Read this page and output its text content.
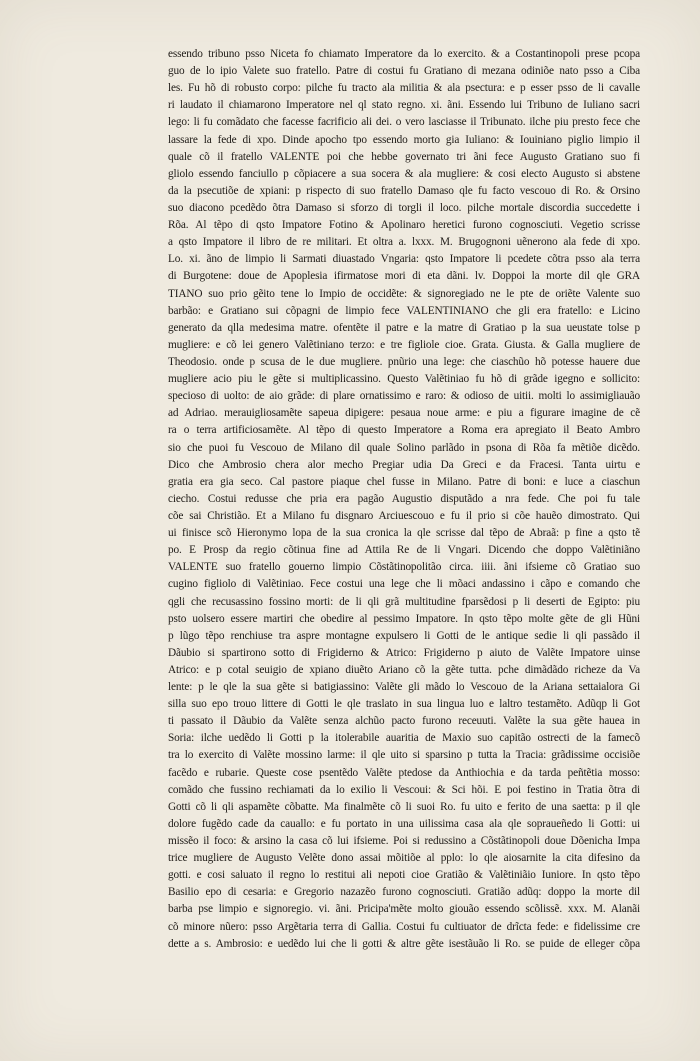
essendo tribuno psso Niceta fo chiamato Imperatore da lo exercito. & a Costantinopoli prese pcopa
guo de lo ipio Valete suo fratello. Patre di costui fu Gratiano di mezana odiniõe nato psso a Ciba
les. Fu hõ di robusto corpo: pilche fu tracto ala militia & ala psectura: e p esser psso de li cavalle
ri laudato il chiamarono Imperatore nel ql stato regno. xi. ãni. Essendo lui Tribuno de Iuliano sacri
lego: li fu comãdato che facesse facrificio ali dei. o vero lasciasse il Tribunato. ilche piu presto fece che
lassare la fede di xpo. Dinde apocho tpo essendo morto gia Iuliano: & Iouiniano piglio limpio il
quale cõ il fratello VALENTE poi che hebbe governato tri ãni fece Augusto Gratiano suo fi
gliolo essendo fanciullo p cõpiacere a sua socera & ala mugliere: & cosi electo Augusto si abstene
da la psecutiõe de xpiani: p rispecto di suo fratello Damaso qle fu facto vescouo di Ro. & Orsino
suo diacono pcedẽdo õtra Damaso si sforzo di torgli il loco. pilche mortale discordia succedette i
Rõa. Al tẽpo di qsto Impatore Fotino & Apolinaro heretici furono cognosciuti. Vegetio scrisse
a qsto Impatore il libro de re militari. Et oltra a. lxxx. M. Brugognoni uẽnerono ala fede di xpo.
Lo. xi. ãno de limpio li Sarmati diuastado Vngaria: qsto Impatore li pcedete cõtra psso ala terra
di Burgotene: doue de Apoplesia ifirmatose mori di eta dãni. lv. Doppoi la morte dil qle GRA
TIANO suo prio gẽito tene lo Impio de occidẽte: & signoregiado ne le pte de oriẽte Valente suo
barbão: e Gratiano sui cõpagni de limpio fece VALENTINIANO che gli era fratello: e Licino
generato da qlla medesima matre. ofentẽte il patre e la matre di Gratiao p la sua ueustate tolse p
mugliere: e cõ lei genero Valẽtiniano terzo: e tre figliole cioe. Grata. Giusta. & Galla mugliere de
Theodosio. onde p scusa de le due mugliere. pnũrio una lege: che ciaschũo hõ potesse hauere due
mugliere acio piu le gẽte si multiplicassino. Questo Valẽtiniao fu hõ di grãde igegno e sollicito:
specioso di uolto: de aio grãde: di plare ornatissimo e raro: & odioso de uitii. molti lo assimigliauão
ad Adriao. merauigliosamẽte sapeua dipigere: pesaua noue arme: e piu a figurare imagine de cẽ
ra o terra artificiosamẽte. Al tẽpo di questo Imperatore a Roma era apregiato il Beato Ambro
sio che puoi fu Vescouo de Milano dil quale Solino parlãdo in psona di Rõa fa mẽtiõe dicẽdo.
Dico che Ambrosio chera alor mecho Pregiar udia Da Greci e da Fracesi. Tanta uirtu e
gratia era gia seco. Cal pastore piaque chel fusse in Milano. Patre di boni: e luce a ciaschun
ciecho. Costui redusse che pria era pagão Augustio disputãdo a nra fede. Che poi fu tale
cõe sai Christião. Et a Milano fu disgnaro Arciuescouo e fu il prio si cõe hauẽo dimostrato. Qui
ui finisce scõ Hieronymo lopa de la sua cronica la qle scrisse dal tẽpo de Abraã: p fine a qsto tẽ
po. E Prosp da regio cõtinua fine ad Attila Re de li Vngari. Dicendo che doppo Valẽtiniãno
VALENTE suo fratello gouerno limpio Cõstãtinopolitão circa. iiii. ãni ifsieme cõ Gratiao suo
cugino figliolo di Valẽtiniao. Fece costui una lege che li mõaci andassino i cãpo e comando che
qgli che recusassino fossino morti: de li qli grã multitudine fparsẽdosi p li deserti de Egipto: piu
psto uolsero essere martiri che obedire al pessimo Impatore. In qsto tẽpo molte gẽte de gli Hũni
p lũgo tẽpo renchiuse tra aspre montagne expulsero li Gotti de le antique sedie li qli passãdo il
Dãubio si spartirono sotto di Frigiderno & Atrico: Frigiderno p aiuto de Valẽte Impatore uinse
Atrico: e p cotal seuigio de xpiano diuẽto Ariano cõ la gẽte tutta. pche dimãdãdo richeze da Va
lente: p le qle la sua gẽte si batigiassino: Valẽte gli mãdo lo Vescouo de la Ariana settaialora Gi
silla suo epo trouo littere di Gotti le qle traslato in sua lingua luo e laltro testamẽto. Adũqp li Got
ti passato il Dãubio da Valẽte senza alchũo pacto furono receuuti. Valẽte la sua gẽte hauea in
Soria: ilche uedẽdo li Gotti p la itolerabile auaritia de Maxio suo capitão ostrecti de la famecõ
tra lo exercito di Valẽte mossino larme: il qle uito si sparsino p tutta la Tracia: grãdissime occisiõe
facẽdo e rubarie. Queste cose psentẽdo Valẽte ptedose da Anthiochia e da tarda peñtẽtia mosso:
comãdo che fussino rechiamati da lo exilio li Vescoui: & Sci hõi. E poi festino in Tratia õtra di
Gotti cõ li qli aspamẽte cõbatte. Ma finalmẽte cõ li suoi Ro. fu uito e ferito de una saetta: p il qle
dolore fugẽdo cade da cauallo: e fu portato in una uilissima casa ala qle sopraueñedo li Gotti: ui
missẽo il foco: & arsino la casa cõ lui ifsieme. Poi si redussino a Cõstãtinopoli doue Dõenicha Impa
trice mugliere de Augusto Velẽte dono assai mõitiõe al pplo: lo qle aiosarnite la cita difesino da
gotti. e cosi saluato il regno lo restitui ali nepoti cioe Gratião & Valẽtiniãio Iuniore. In qsto tẽpo
Basilio epo di cesaria: e Gregorio nazazẽo furono cognosciuti. Gratião adũq: doppo la morte dil
barba pse limpio e signoregio. vi. ãni. Pricipa'mẽte molto giouão essendo scõlissẽ. xxx. M. Alanãi
cõ minore nũero: psso Argẽtaria terra di Gallia. Costui fu cultiuator de drĩcta fede: e fidelissime cre
dette a s. Ambrosio: e uedẽdo lui che li gotti & altre gẽte isestãuão li Ro. se puide de elleger cõpa
